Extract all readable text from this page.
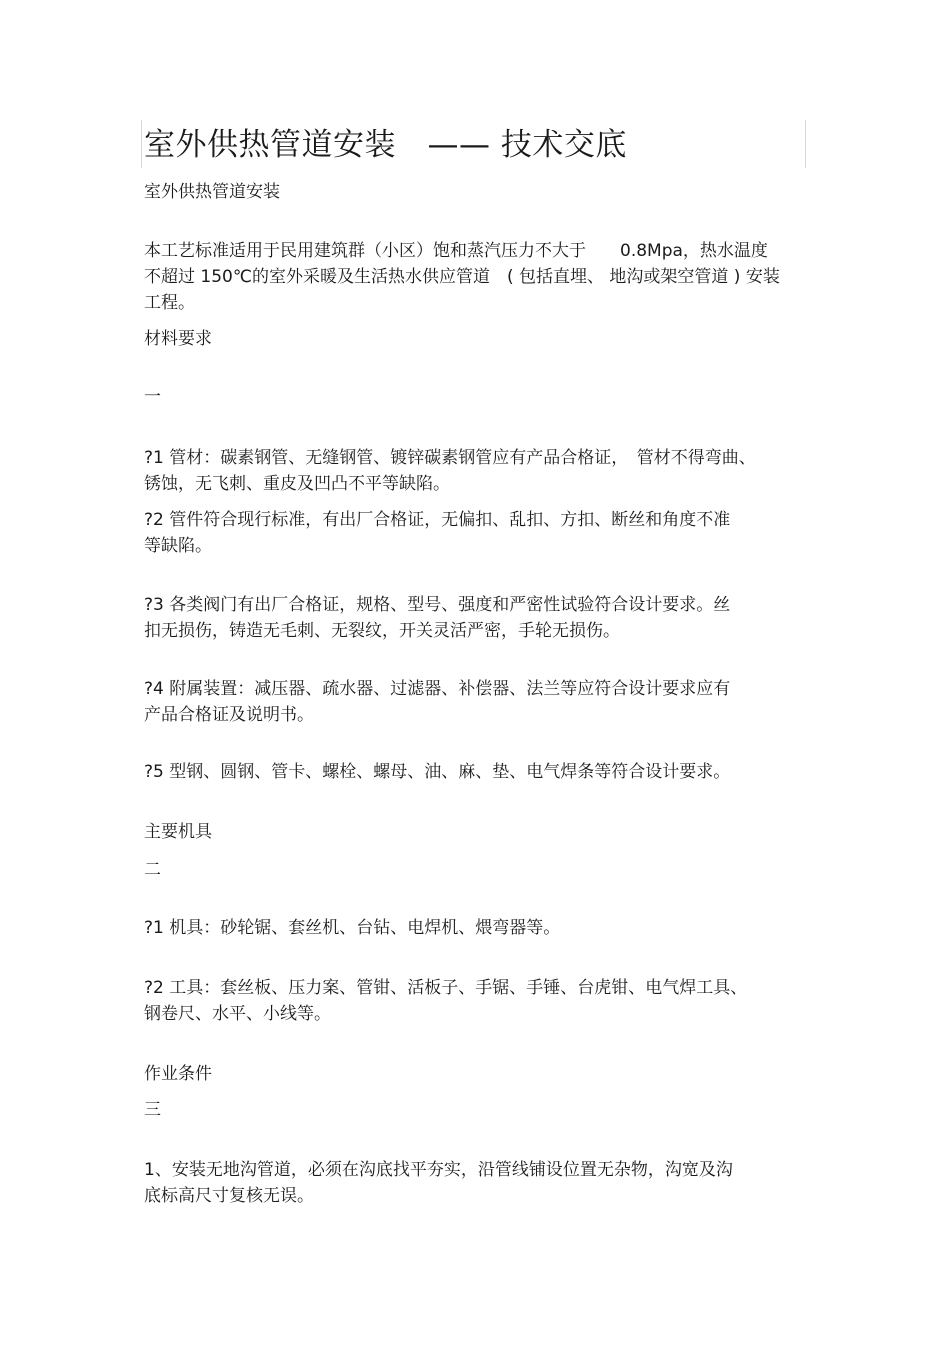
室外供热管道安装　—— 技术交底
室外供热管道安装
本工艺标准适用于民用建筑群（小区）饱和蒸汽压力不大于　　0.8Mpa，热水温度
不超过 150℃的室外采暖及生活热水供应管道　( 包括直埋、 地沟或架空管道 ) 安装
工程。
材料要求
一
?1 管材：碳素钢管、无缝钢管、镀锌碳素钢管应有产品合格证，　管材不得弯曲、
锈蚀，无飞刺、重皮及凹凸不平等缺陷。
?2 管件符合现行标准，有出厂合格证，无偏扣、乱扣、方扣、断丝和角度不准
等缺陷。
?3 各类阀门有出厂合格证，规格、型号、强度和严密性试验符合设计要求。丝
扣无损伤，铸造无毛刺、无裂纹，开关灵活严密，手轮无损伤。
?4 附属装置：减压器、疏水器、过滤器、补偿器、法兰等应符合设计要求应有
产品合格证及说明书。
?5 型钢、圆钢、管卡、螺栓、螺母、油、麻、垫、电气焊条等符合设计要求。
主要机具
二
?1 机具：砂轮锯、套丝机、台钻、电焊机、煨弯器等。
?2 工具：套丝板、压力案、管钳、活板子、手锯、手锤、台虎钳、电气焊工具、
钢卷尺、水平、小线等。
作业条件
三
1、安装无地沟管道，必须在沟底找平夯实，沿管线铺设位置无杂物，沟宽及沟
底标高尺寸复核无误。
